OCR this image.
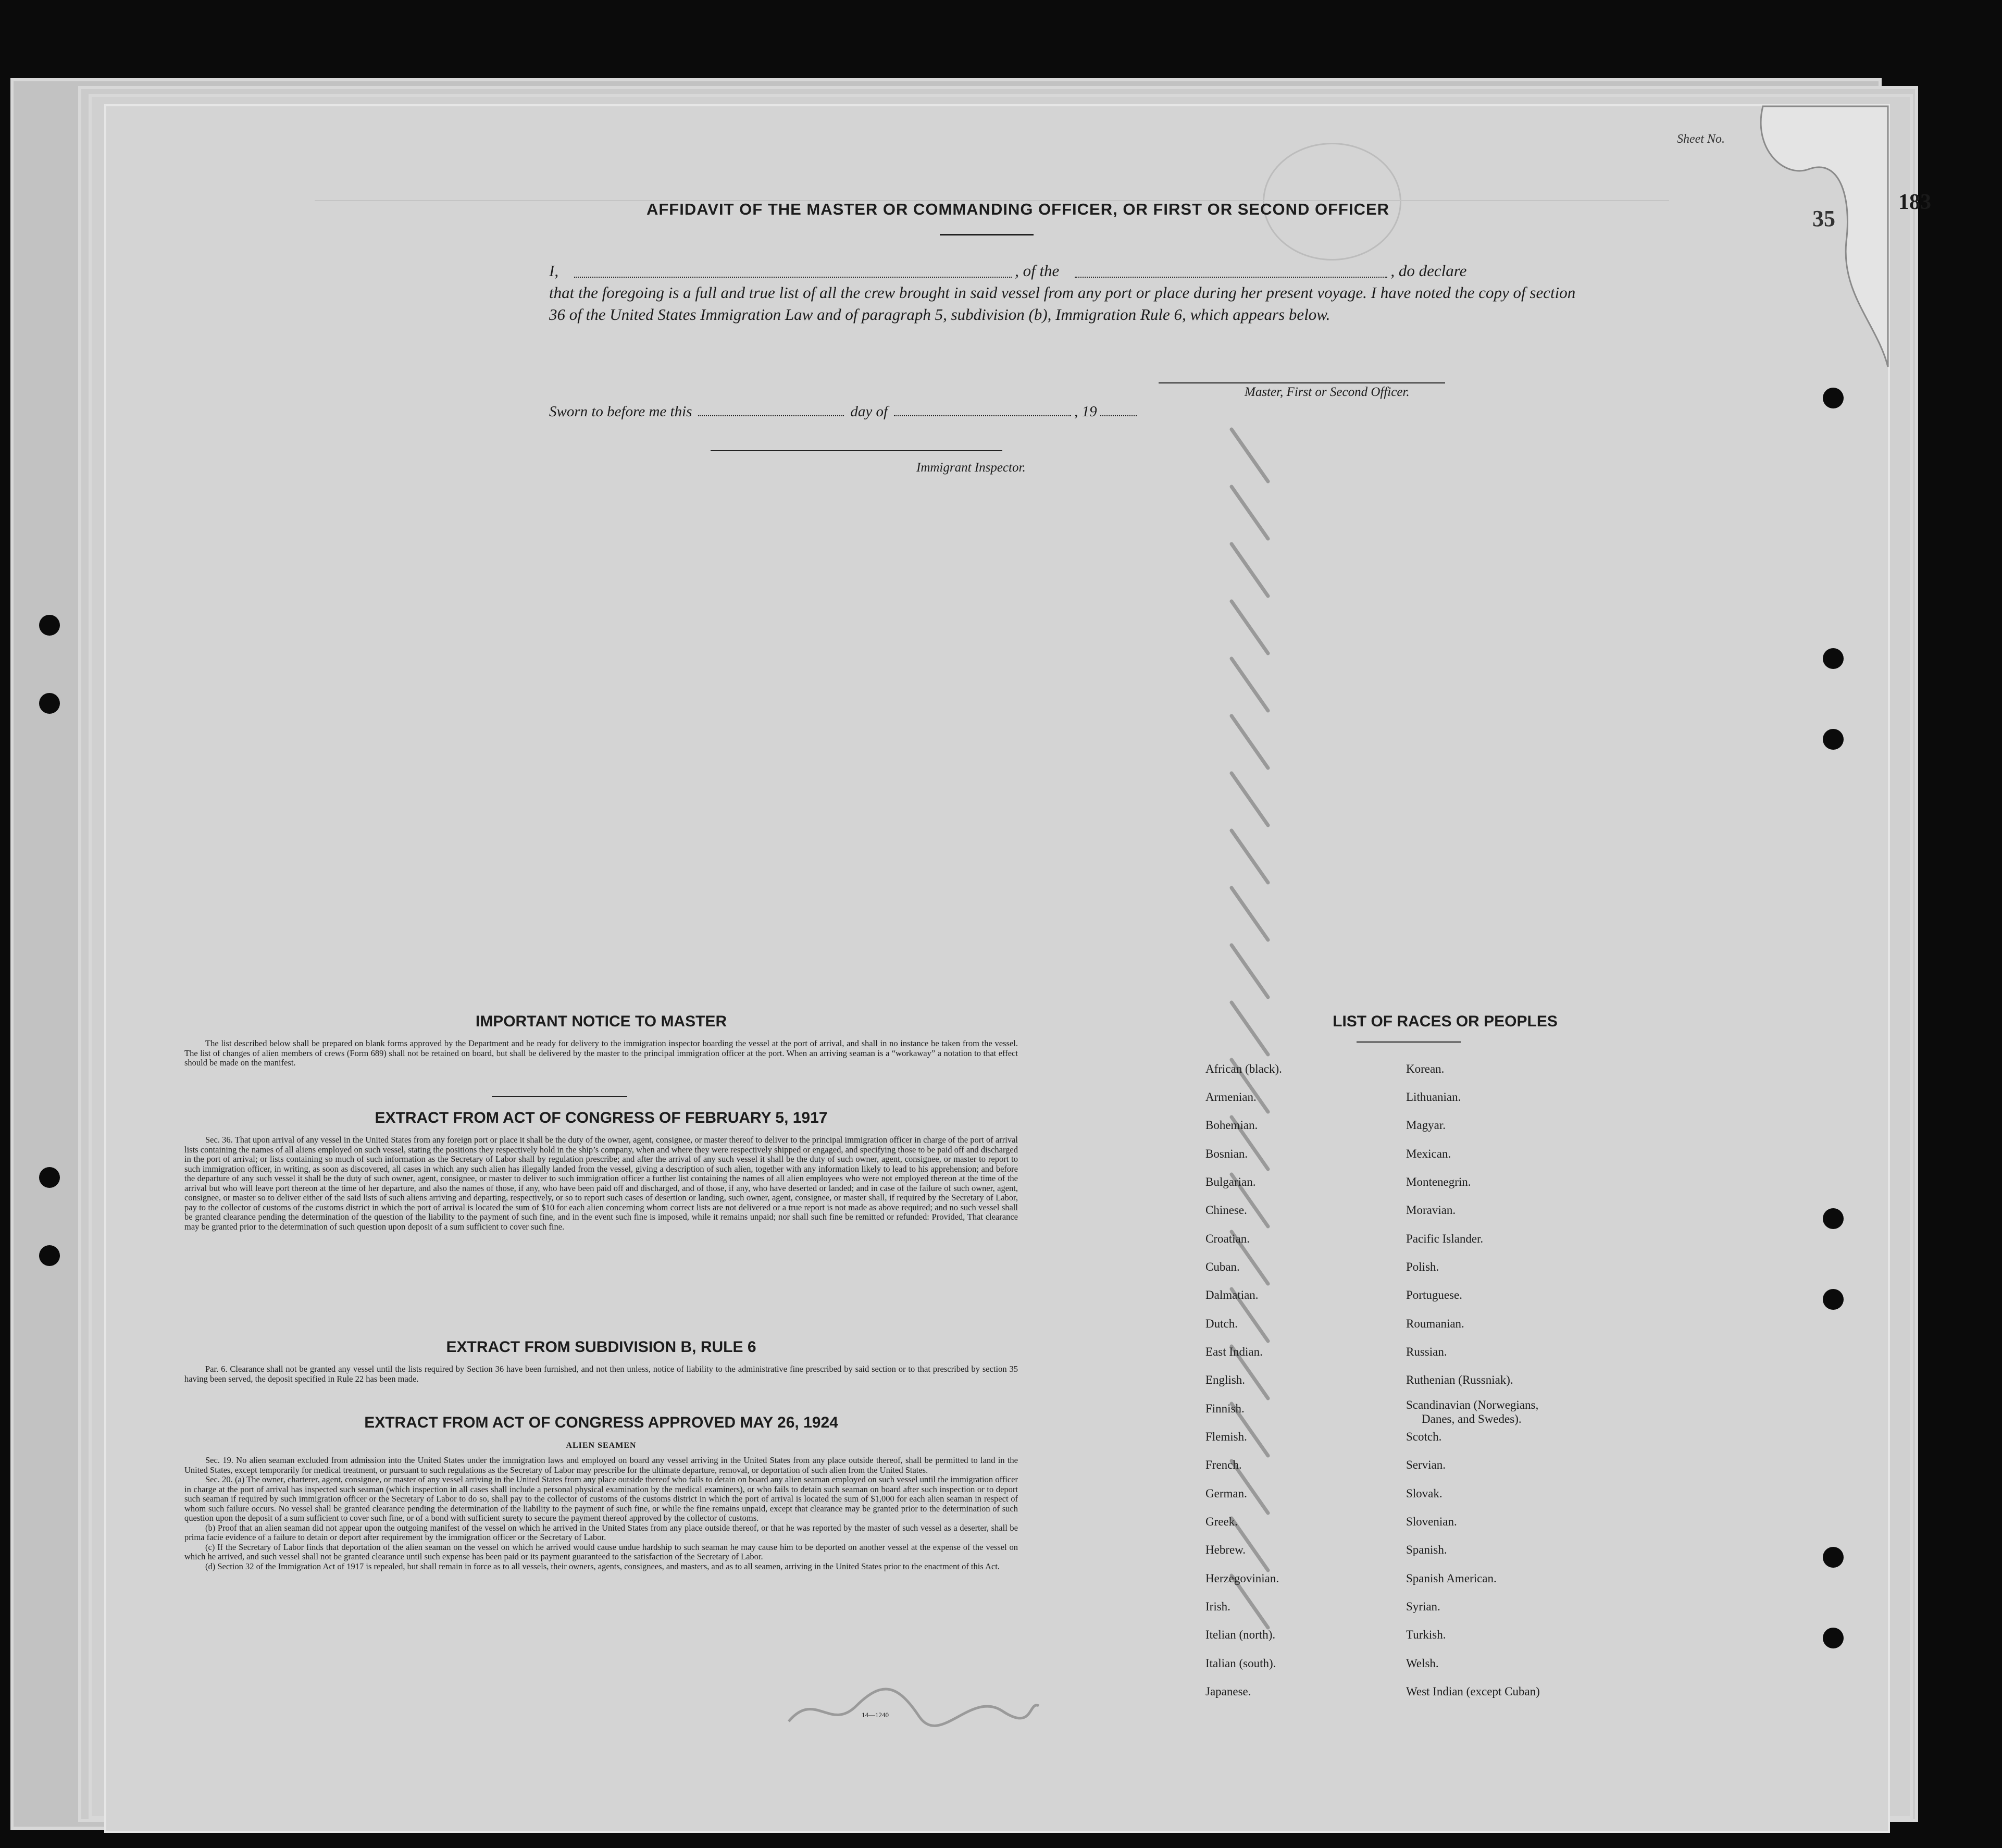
183
35
Sheet No.
AFFIDAVIT OF THE MASTER OR COMMANDING OFFICER, OR FIRST OR SECOND OFFICER
I,	, of the	, do declare

that the foregoing is a full and true list of all the crew brought in said vessel from any port or place during her present voyage. I have noted the copy of section 36 of the United States Immigration Law and of paragraph 5, subdivision (b), Immigration Rule 6, which appears below.

Master, First or Second Officer.
Sworn to before me this	day of	, 19
Immigrant Inspector.
IMPORTANT NOTICE TO MASTER

The list described below shall be prepared on blank forms approved by the Department and be ready for delivery to the immigration inspector boarding the vessel at the port of arrival, and shall in no instance be taken from the vessel. The list of changes of alien members of crews (Form 689) shall not be retained on board, but shall be delivered by the master to the principal immigration officer at the port. When an arriving seaman is a “workaway” a notation to that effect should be made on the manifest.

EXTRACT FROM ACT OF CONGRESS OF FEBRUARY 5, 1917

Sec. 36. That upon arrival of any vessel in the United States from any foreign port or place it shall be the duty of the owner, agent, consignee, or master thereof to deliver to the principal immigration officer in charge of the port of arrival lists containing the names of all aliens employed on such vessel, stating the positions they respectively hold in the ship’s company, when and where they were respectively shipped or engaged, and specifying those to be paid off and discharged in the port of arrival; or lists containing so much of such information as the Secretary of Labor shall by regulation prescribe; and after the arrival of any such vessel it shall be the duty of such owner, agent, consignee, or master to report to such immigration officer, in writing, as soon as discovered, all cases in which any such alien has illegally landed from the vessel, giving a description of such alien, together with any information likely to lead to his apprehension; and before the departure of any such vessel it shall be the duty of such owner, agent, consignee, or master to deliver to such immigration officer a further list containing the names of all alien employees who were not employed thereon at the time of the arrival but who will leave port thereon at the time of her departure, and also the names of those, if any, who have been paid off and discharged, and of those, if any, who have deserted or landed; and in case of the failure of such owner, agent, consignee, or master so to deliver either of the said lists of such aliens arriving and departing, respectively, or so to report such cases of desertion or landing, such owner, agent, consignee, or master shall, if required by the Secretary of Labor, pay to the collector of customs of the customs district in which the port of arrival is located the sum of $10 for each alien concerning whom correct lists are not delivered or a true report is not made as above required; and no such vessel shall be granted clearance pending the determination of the question of the liability to the payment of such fine, and in the event such fine is imposed, while it remains unpaid; nor shall such fine be remitted or refunded: Provided, That clearance may be granted prior to the determination of such question upon deposit of a sum sufficient to cover such fine.

EXTRACT FROM SUBDIVISION B, RULE 6

Par. 6. Clearance shall not be granted any vessel until the lists required by Section 36 have been furnished, and not then unless, notice of liability to the administrative fine prescribed by said section or to that prescribed by section 35 having been served, the deposit specified in Rule 22 has been made.

EXTRACT FROM ACT OF CONGRESS APPROVED MAY 26, 1924
ALIEN SEAMEN

Sec. 19. No alien seaman excluded from admission into the United States under the immigration laws and employed on board any vessel arriving in the United States from any place outside thereof, shall be permitted to land in the United States, except temporarily for medical treatment, or pursuant to such regulations as the Secretary of Labor may prescribe for the ultimate departure, removal, or deportation of such alien from the United States.

Sec. 20. (a) The owner, charterer, agent, consignee, or master of any vessel arriving in the United States from any place outside thereof who fails to detain on board any alien seaman employed on such vessel until the immigration officer in charge at the port of arrival has inspected such seaman (which inspection in all cases shall include a personal physical examination by the medical examiners), or who fails to detain such seaman on board after such inspection or to deport such seaman if required by such immigration officer or the Secretary of Labor to do so, shall pay to the collector of customs of the customs district in which the port of arrival is located the sum of $1,000 for each alien seaman in respect of whom such failure occurs. No vessel shall be granted clearance pending the determination of the liability to the payment of such fine, or while the fine remains unpaid, except that clearance may be granted prior to the determination of such question upon the deposit of a sum sufficient to cover such fine, or of a bond with sufficient surety to secure the payment thereof approved by the collector of customs.

(b) Proof that an alien seaman did not appear upon the outgoing manifest of the vessel on which he arrived in the United States from any place outside thereof, or that he was reported by the master of such vessel as a deserter, shall be prima facie evidence of a failure to detain or deport after requirement by the immigration officer or the Secretary of Labor.

(c) If the Secretary of Labor finds that deportation of the alien seaman on the vessel on which he arrived would cause undue hardship to such seaman he may cause him to be deported on another vessel at the expense of the vessel on which he arrived, and such vessel shall not be granted clearance until such expense has been paid or its payment guaranteed to the satisfaction of the Secretary of Labor.

(d) Section 32 of the Immigration Act of 1917 is repealed, but shall remain in force as to all vessels, their owners, agents, consignees, and masters, and as to all seamen, arriving in the United States prior to the enactment of this Act.

14—1240
LIST OF RACES OR PEOPLES
African (black).
Armenian.
Bohemian.
Bosnian.
Bulgarian.
Chinese.
Croatian.
Cuban.
Dalmatian.
Dutch.
East Indian.
English.
Finnish.
Flemish.
French.
German.
Greek.
Hebrew.
Herzegovinian.
Irish.
Itelian (north).
Italian (south).
Japanese.
Korean.
Lithuanian.
Magyar.
Mexican.
Montenegrin.
Moravian.
Pacific Islander.
Polish.
Portuguese.
Roumanian.
Russian.
Ruthenian (Russniak).
Scandinavian (Norwegians,
Danes, and Swedes).
Scotch.
Servian.
Slovak.
Slovenian.
Spanish.
Spanish American.
Syrian.
Turkish.
Welsh.
West Indian (except Cuban)
